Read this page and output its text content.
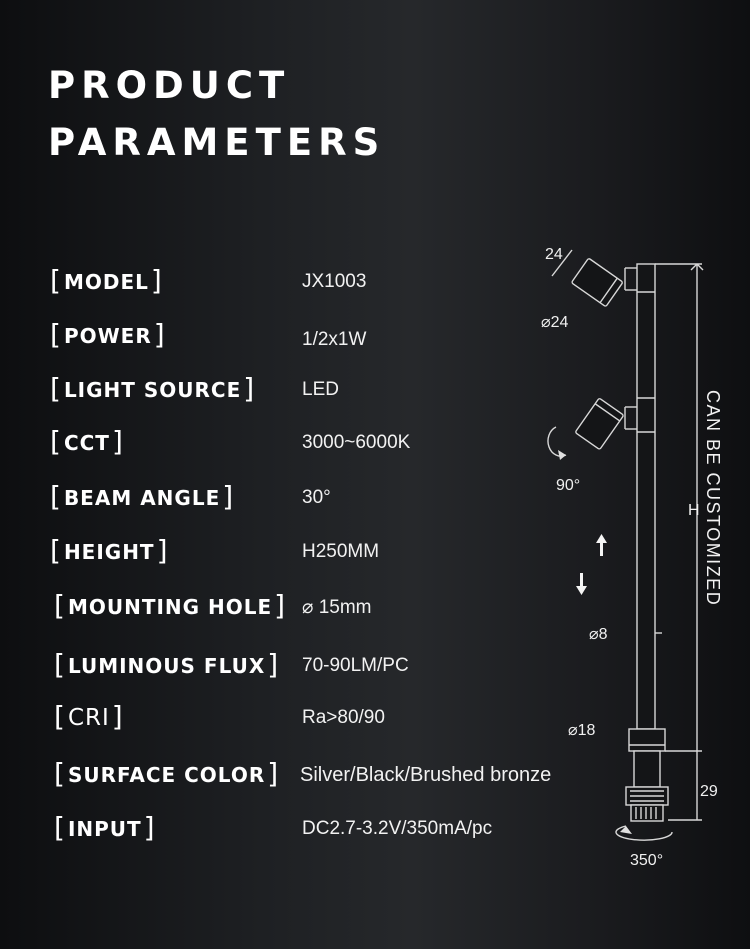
PRODUCT
PARAMETERS
[ MODEL ]	JX1003
[ POWER ]	1/2x1W
[ LIGHT SOURCE ] LED
[ CCT ]	3000~6000K
[ BEAM ANGLE ]	30°
[ HEIGHT ]	H250MM
[ MOUNTING HOLE ] ⌀ 15mm
[ LUMINOUS FLUX ] 70-90LM/PC
[ CRI ]	Ra>80/90
[ SURFACE COLOR ] Silver/Black/Brushed bronze
[ INPUT ]	DC2.7-3.2V/350mA/pc
24
⌀24
90°
H
⌀8
⌀18
29
350°
CAN BE CUSTOMIZED
